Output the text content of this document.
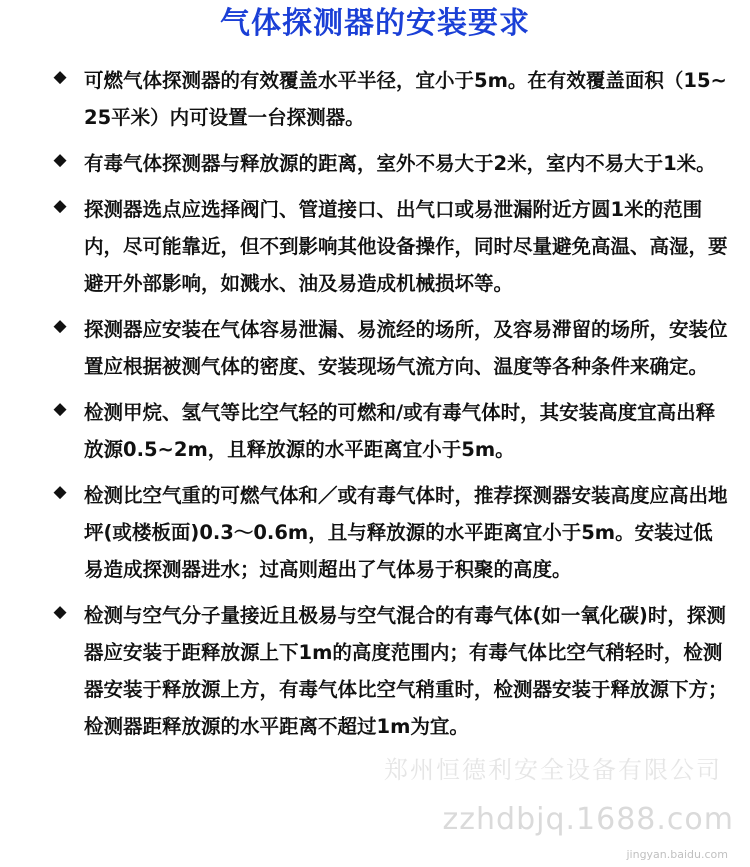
气体探测器的安装要求
◆ 可燃气体探测器的有效覆盖水平半径，宜小于5m。在有效覆盖面积（15~25平米）内可设置一台探测器。
◆ 有毒气体探测器与释放源的距离，室外不易大于2米，室内不易大于1米。
◆ 探测器选点应选择阀门、管道接口、出气口或易泄漏附近方圆1米的范围内，尽可能靠近，但不到影响其他设备操作，同时尽量避免高温、高湿，要避开外部影响，如溅水、油及易造成机械损坏等。
◆ 探测器应安装在气体容易泄漏、易流经的场所，及容易滞留的场所，安装位置应根据被测气体的密度、安装现场气流方向、温度等各种条件来确定。
◆ 检测甲烷、氢气等比空气轻的可燃和/或有毒气体时，其安装高度宜高出释放源0.5~2m，且释放源的水平距离宜小于5m。
◆ 检测比空气重的可燃气体和／或有毒气体时，推荐探测器安装高度应高出地坪(或楼板面)0.3～0.6m，且与释放源的水平距离宜小于5m。安装过低易造成探测器进水；过高则超出了气体易于积聚的高度。
◆ 检测与空气分子量接近且极易与空气混合的有毒气体(如一氧化碳)时，探测器应安装于距释放源上下1m的高度范围内；有毒气体比空气稍轻时，检测器安装于释放源上方，有毒气体比空气稍重时，检测器安装于释放源下方；检测器距释放源的水平距离不超过1m为宜。
郑州恒德利安全设备有限公司
zzhdbjq.1688.com
jingyan.baidu.com
